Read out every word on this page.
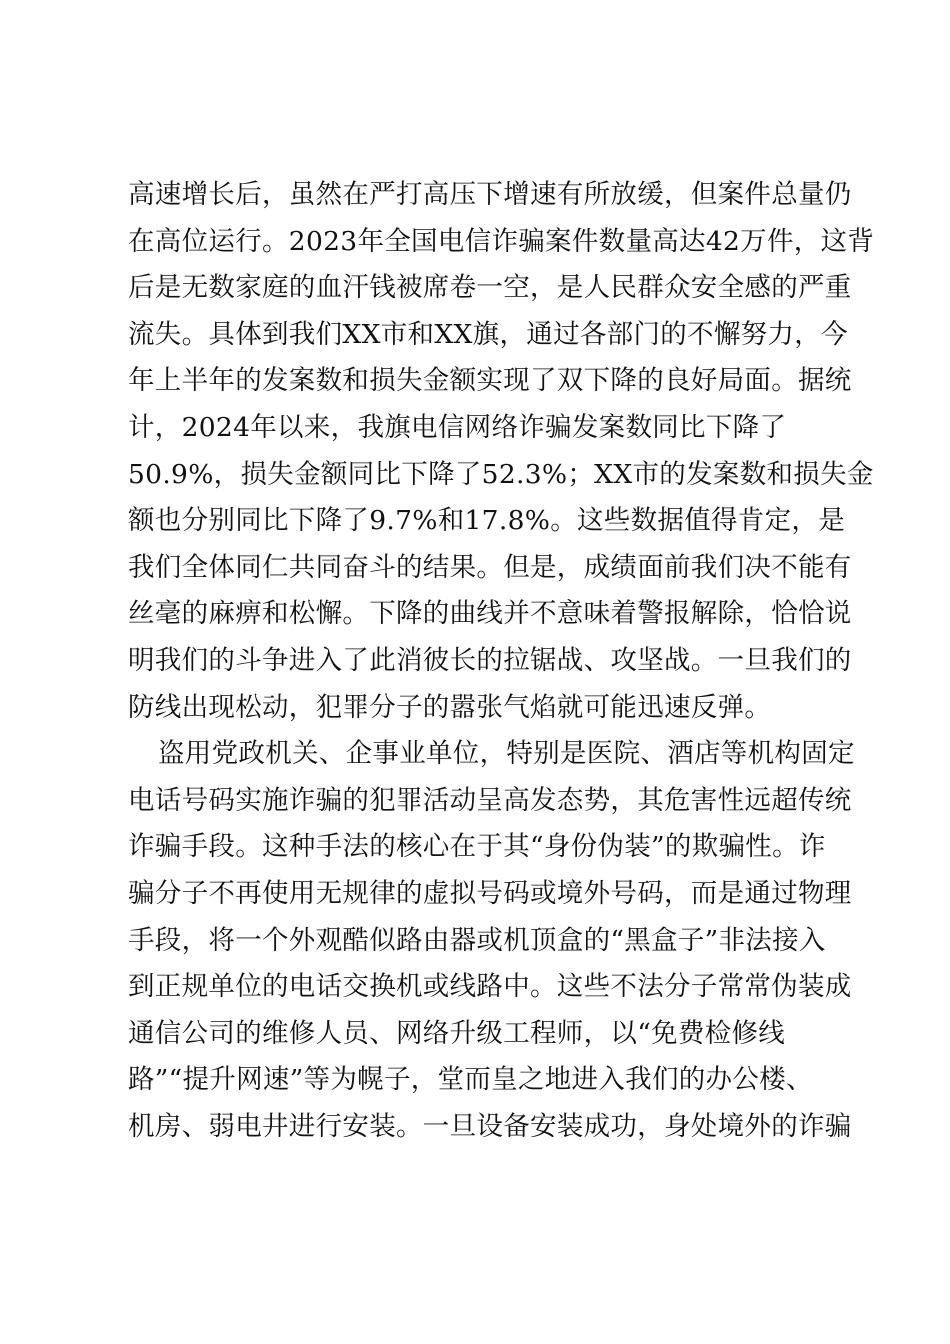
高速增长后，虽然在严打高压下增速有所放缓，但案件总量仍
在高位运行。2023年全国电信诈骗案件数量高达42万件，这背
后是无数家庭的血汗钱被席卷一空，是人民群众安全感的严重
流失。具体到我们XX市和XX旗，通过各部门的不懈努力，今
年上半年的发案数和损失金额实现了双下降的良好局面。据统
计，2024年以来，我旗电信网络诈骗发案数同比下降了
50.9%，损失金额同比下降了52.3%；XX市的发案数和损失金
额也分别同比下降了9.7%和17.8%。这些数据值得肯定，是
我们全体同仁共同奋斗的结果。但是，成绩面前我们决不能有
丝毫的麻痹和松懈。下降的曲线并不意味着警报解除，恰恰说
明我们的斗争进入了此消彼长的拉锯战、攻坚战。一旦我们的
防线出现松动，犯罪分子的嚣张气焰就可能迅速反弹。
盗用党政机关、企事业单位，特别是医院、酒店等机构固定
电话号码实施诈骗的犯罪活动呈高发态势，其危害性远超传统
诈骗手段。这种手法的核心在于其“身份伪装”的欺骗性。诈
骗分子不再使用无规律的虚拟号码或境外号码，而是通过物理
手段，将一个外观酷似路由器或机顶盒的“黑盒子”非法接入
到正规单位的电话交换机或线路中。这些不法分子常常伪装成
通信公司的维修人员、网络升级工程师，以“免费检修线
路”“提升网速”等为幌子，堂而皇之地进入我们的办公楼、
机房、弱电井进行安装。一旦设备安装成功，身处境外的诈骗
